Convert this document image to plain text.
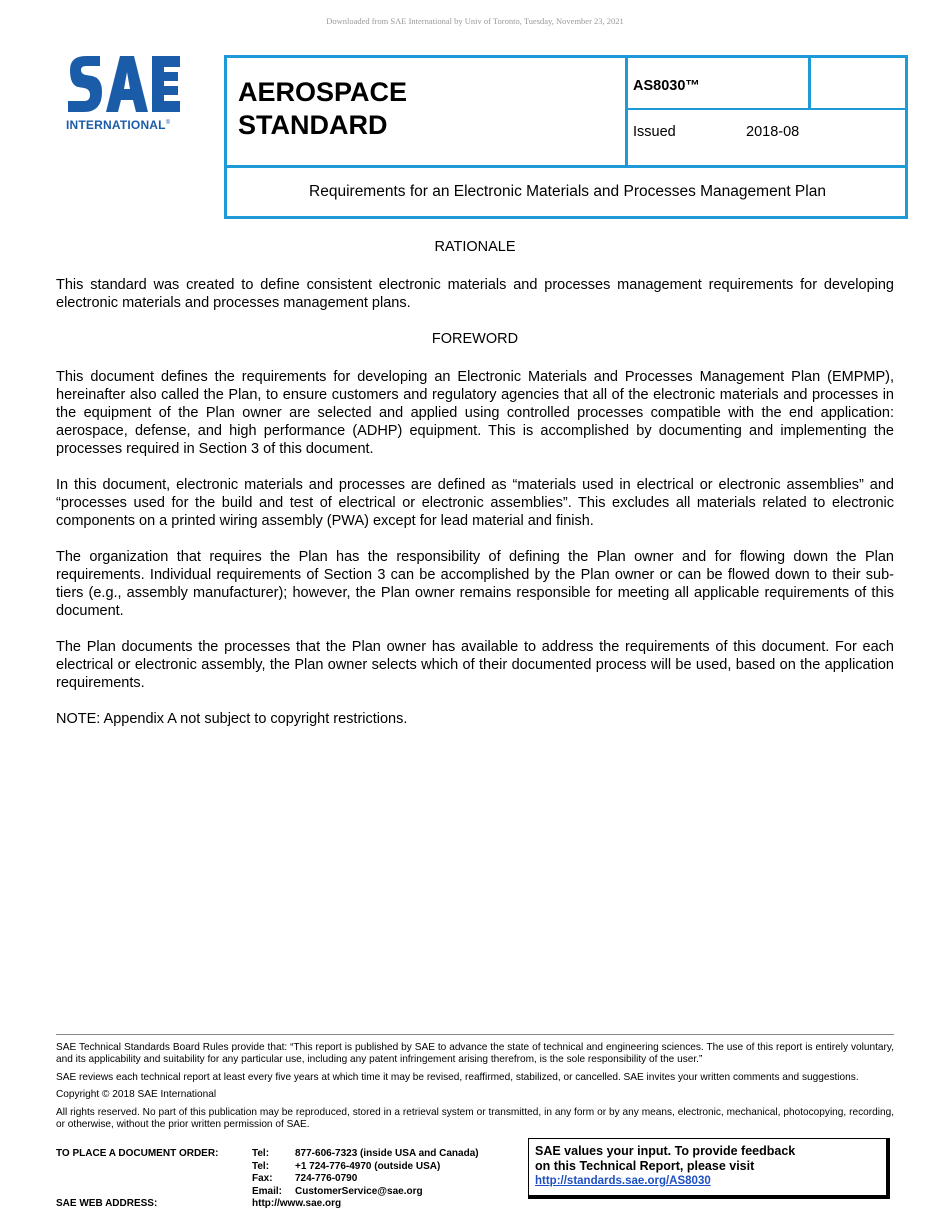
Downloaded from SAE International by Univ of Toronto, Tuesday, November 23, 2021
INTERNATIONAL®
AEROSPACE
STANDARD
AS8030™
Issued	2018-08
Requirements for an Electronic Materials and Processes Management Plan
RATIONALE

This standard was created to define consistent electronic materials and processes management requirements for developing electronic materials and processes management plans.

FOREWORD

This document defines the requirements for developing an Electronic Materials and Processes Management Plan (EMPMP), hereinafter also called the Plan, to ensure customers and regulatory agencies that all of the electronic materials and processes in the equipment of the Plan owner are selected and applied using controlled processes compatible with the end application: aerospace, defense, and high performance (ADHP) equipment. This is accomplished by documenting and implementing the processes required in Section 3 of this document.

In this document, electronic materials and processes are defined as “materials used in electrical or electronic assemblies” and “processes used for the build and test of electrical or electronic assemblies”. This excludes all materials related to electronic components on a printed wiring assembly (PWA) except for lead material and finish.

The organization that requires the Plan has the responsibility of defining the Plan owner and for flowing down the Plan requirements. Individual requirements of Section 3 can be accomplished by the Plan owner or can be flowed down to their sub-tiers (e.g., assembly manufacturer); however, the Plan owner remains responsible for meeting all applicable requirements of this document.

The Plan documents the processes that the Plan owner has available to address the requirements of this document. For each electrical or electronic assembly, the Plan owner selects which of their documented process will be used, based on the application requirements.

NOTE: Appendix A not subject to copyright restrictions.

SAE Technical Standards Board Rules provide that: “This report is published by SAE to advance the state of technical and engineering sciences. The use of this report is entirely voluntary, and its applicability and suitability for any particular use, including any patent infringement arising therefrom, is the sole responsibility of the user.”

SAE reviews each technical report at least every five years at which time it may be revised, reaffirmed, stabilized, or cancelled. SAE invites your written comments and suggestions.

Copyright © 2018 SAE International

All rights reserved. No part of this publication may be reproduced, stored in a retrieval system or transmitted, in any form or by any means, electronic, mechanical, photocopying, recording, or otherwise, without the prior written permission of SAE.

TO PLACE A DOCUMENT ORDER:	Tel:	877-606-7323 (inside USA and Canada)
Tel:	+1 724-776-4970 (outside USA)
Fax:	724-776-0790
Email:	CustomerService@sae.org
SAE WEB ADDRESS:	http://www.sae.org
SAE values your input. To provide feedback
on this Technical Report, please visit
http://standards.sae.org/AS8030
